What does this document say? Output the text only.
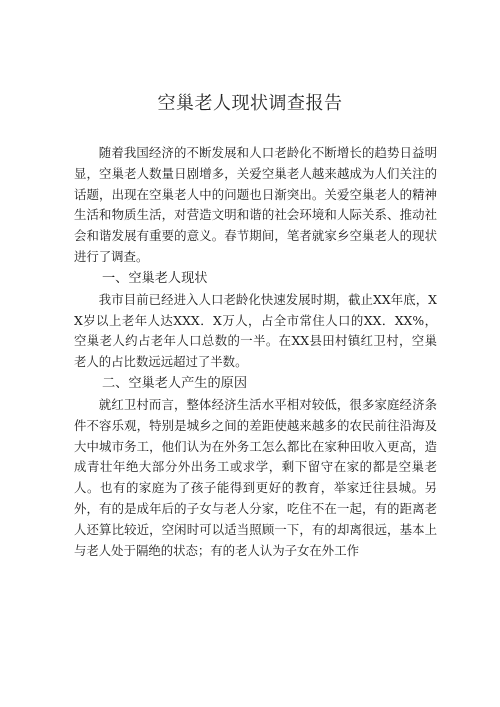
空巢老人现状调查报告

随着我国经济的不断发展和人口老龄化不断增长的趋势日益明显，空巢老人数量日剧增多，关爱空巢老人越来越成为人们关注的话题，出现在空巢老人中的问题也日渐突出。关爱空巢老人的精神生活和物质生活，对营造文明和谐的社会环境和人际关系、推动社会和谐发展有重要的意义。春节期间，笔者就家乡空巢老人的现状进行了调查。

一、空巢老人现状

我市目前已经进入人口老龄化快速发展时期，截止XX年底，XX岁以上老年人达XXX．X万人，占全市常住人口的XX．XX%，空巢老人约占老年人口总数的一半。在XX县田村镇红卫村，空巢老人的占比数远远超过了半数。

二、空巢老人产生的原因

就红卫村而言，整体经济生活水平相对较低，很多家庭经济条件不容乐观，特别是城乡之间的差距使越来越多的农民前往沿海及大中城市务工，他们认为在外务工怎么都比在家种田收入更高，造成青壮年绝大部分外出务工或求学，剩下留守在家的都是空巢老人。也有的家庭为了孩子能得到更好的教育，举家迁往县城。另外，有的是成年后的子女与老人分家，吃住不在一起，有的距离老人还算比较近，空闲时可以适当照顾一下，有的却离很远，基本上与老人处于隔绝的状态；有的老人认为子女在外工作
